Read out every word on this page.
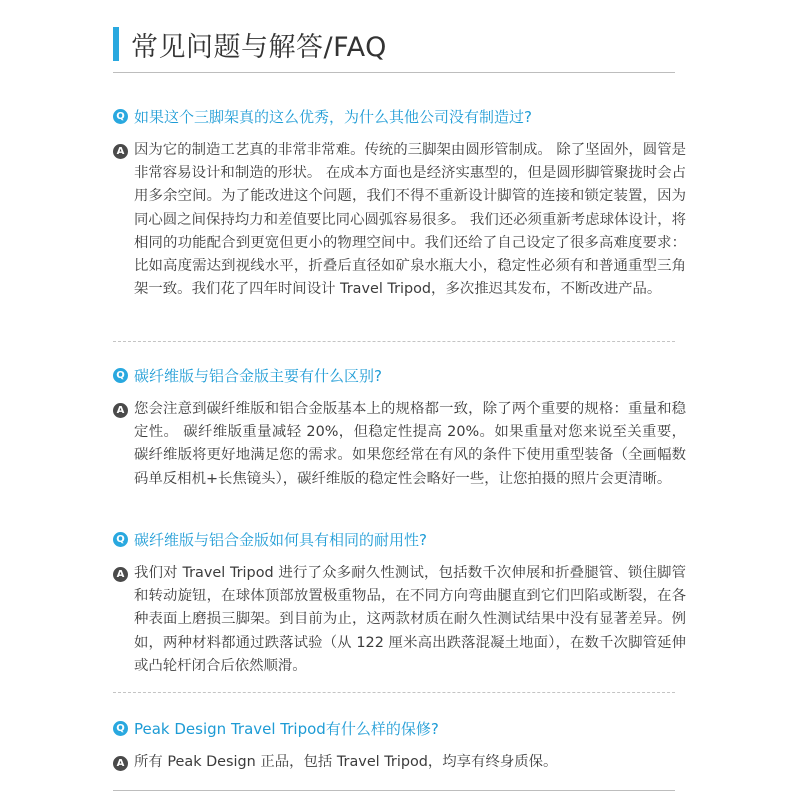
常见问题与解答/FAQ
Q 如果这个三脚架真的这么优秀，为什么其他公司没有制造过?
A 因为它的制造工艺真的非常非常难。传统的三脚架由圆形管制成。 除了坚固外，圆管是非常容易设计和制造的形状。 在成本方面也是经济实惠型的，但是圆形脚管聚拢时会占用多余空间。为了能改进这个问题，我们不得不重新设计脚管的连接和锁定装置，因为同心圆之间保持均力和差值要比同心圆弧容易很多。 我们还必须重新考虑球体设计，将相同的功能配合到更宽但更小的物理空间中。我们还给了自己设定了很多高难度要求：比如高度需达到视线水平，折叠后直径如矿泉水瓶大小，稳定性必须有和普通重型三角架一致。我们花了四年时间设计 Travel Tripod，多次推迟其发布，不断改进产品。
Q 碳纤维版与铝合金版主要有什么区别?
A 您会注意到碳纤维版和铝合金版基本上的规格都一致，除了两个重要的规格：重量和稳定性。 碳纤维版重量减轻 20%，但稳定性提高 20%。如果重量对您来说至关重要，碳纤维版将更好地满足您的需求。如果您经常在有风的条件下使用重型装备（全画幅数码单反相机+长焦镜头），碳纤维版的稳定性会略好一些，让您拍摄的照片会更清晰。
Q 碳纤维版与铝合金版如何具有相同的耐用性?
A 我们对 Travel Tripod 进行了众多耐久性测试，包括数千次伸展和折叠腿管、锁住脚管和转动旋钮，在球体顶部放置极重物品，在不同方向弯曲腿直到它们凹陷或断裂，在各种表面上磨损三脚架。到目前为止，这两款材质在耐久性测试结果中没有显著差异。例如，两种材料都通过跌落试验（从 122 厘米高出跌落混凝土地面），在数千次脚管延伸或凸轮杆闭合后依然顺滑。
Q Peak Design Travel Tripod有什么样的保修?
A 所有 Peak Design 正品，包括 Travel Tripod，均享有终身质保。
